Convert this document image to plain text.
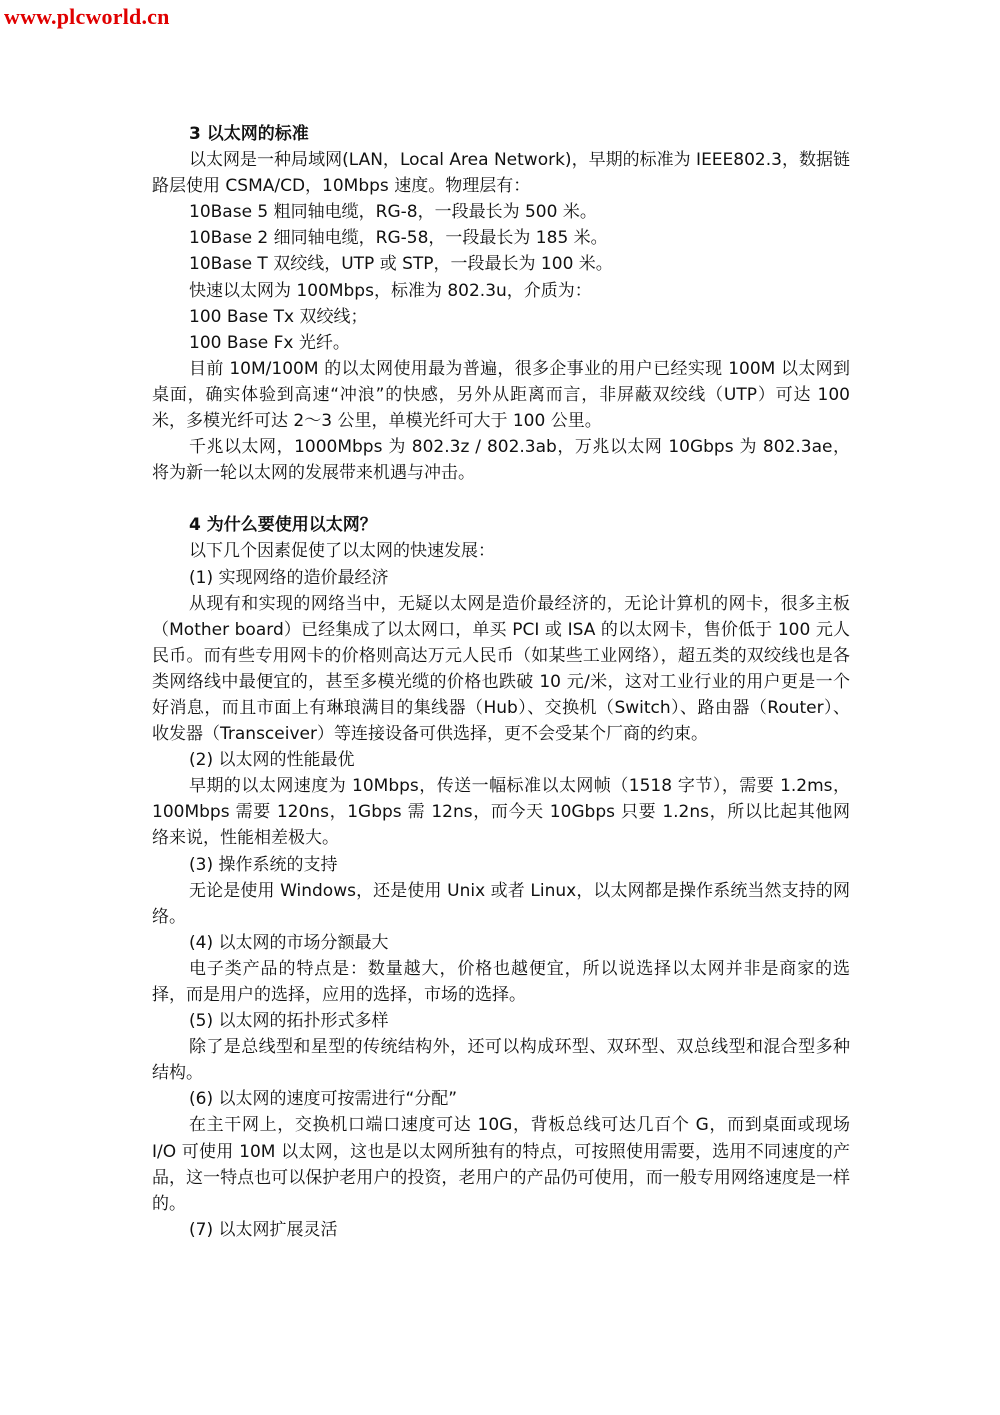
www.plcworld.cn

3 以太网的标准

以太网是一种局域网(LAN，Local Area Network)，早期的标准为 IEEE802.3，数据链路层使用 CSMA/CD，10Mbps 速度。物理层有：

10Base 5 粗同轴电缆，RG-8，一段最长为 500 米。

10Base 2 细同轴电缆，RG-58，一段最长为 185 米。

10Base T 双绞线，UTP 或 STP，一段最长为 100 米。

快速以太网为 100Mbps，标准为 802.3u，介质为：

100 Base Tx 双绞线；

100 Base Fx 光纤。

目前 10M/100M 的以太网使用最为普遍，很多企事业的用户已经实现 100M 以太网到桌面，确实体验到高速“冲浪”的快感，另外从距离而言，非屏蔽双绞线（UTP）可达 100 米，多模光纤可达 2～3 公里，单模光纤可大于 100 公里。

千兆以太网，1000Mbps 为 802.3z / 802.3ab，万兆以太网 10Gbps 为 802.3ae，将为新一轮以太网的发展带来机遇与冲击。

4 为什么要使用以太网？

以下几个因素促使了以太网的快速发展：

(1) 实现网络的造价最经济

从现有和实现的网络当中，无疑以太网是造价最经济的，无论计算机的网卡，很多主板（Mother board）已经集成了以太网口，单买 PCI 或 ISA 的以太网卡，售价低于 100 元人民币。而有些专用网卡的价格则高达万元人民币（如某些工业网络），超五类的双绞线也是各类网络线中最便宜的，甚至多模光缆的价格也跌破 10 元/米，这对工业行业的用户更是一个好消息，而且市面上有琳琅满目的集线器（Hub）、交换机（Switch）、路由器（Router）、收发器（Transceiver）等连接设备可供选择，更不会受某个厂商的约束。

(2) 以太网的性能最优

早期的以太网速度为 10Mbps，传送一幅标准以太网帧（1518 字节），需要 1.2ms，100Mbps 需要 120ns，1Gbps 需 12ns，而今天 10Gbps 只要 1.2ns，所以比起其他网络来说，性能相差极大。

(3) 操作系统的支持

无论是使用 Windows，还是使用 Unix 或者 Linux，以太网都是操作系统当然支持的网络。

(4) 以太网的市场分额最大

电子类产品的特点是：数量越大，价格也越便宜，所以说选择以太网并非是商家的选择，而是用户的选择，应用的选择，市场的选择。

(5) 以太网的拓扑形式多样

除了是总线型和星型的传统结构外，还可以构成环型、双环型、双总线型和混合型多种结构。

(6) 以太网的速度可按需进行“分配”

在主干网上，交换机口端口速度可达 10G，背板总线可达几百个 G，而到桌面或现场 I/O 可使用 10M 以太网，这也是以太网所独有的特点，可按照使用需要，选用不同速度的产品，这一特点也可以保护老用户的投资，老用户的产品仍可使用，而一般专用网络速度是一样的。

(7) 以太网扩展灵活
